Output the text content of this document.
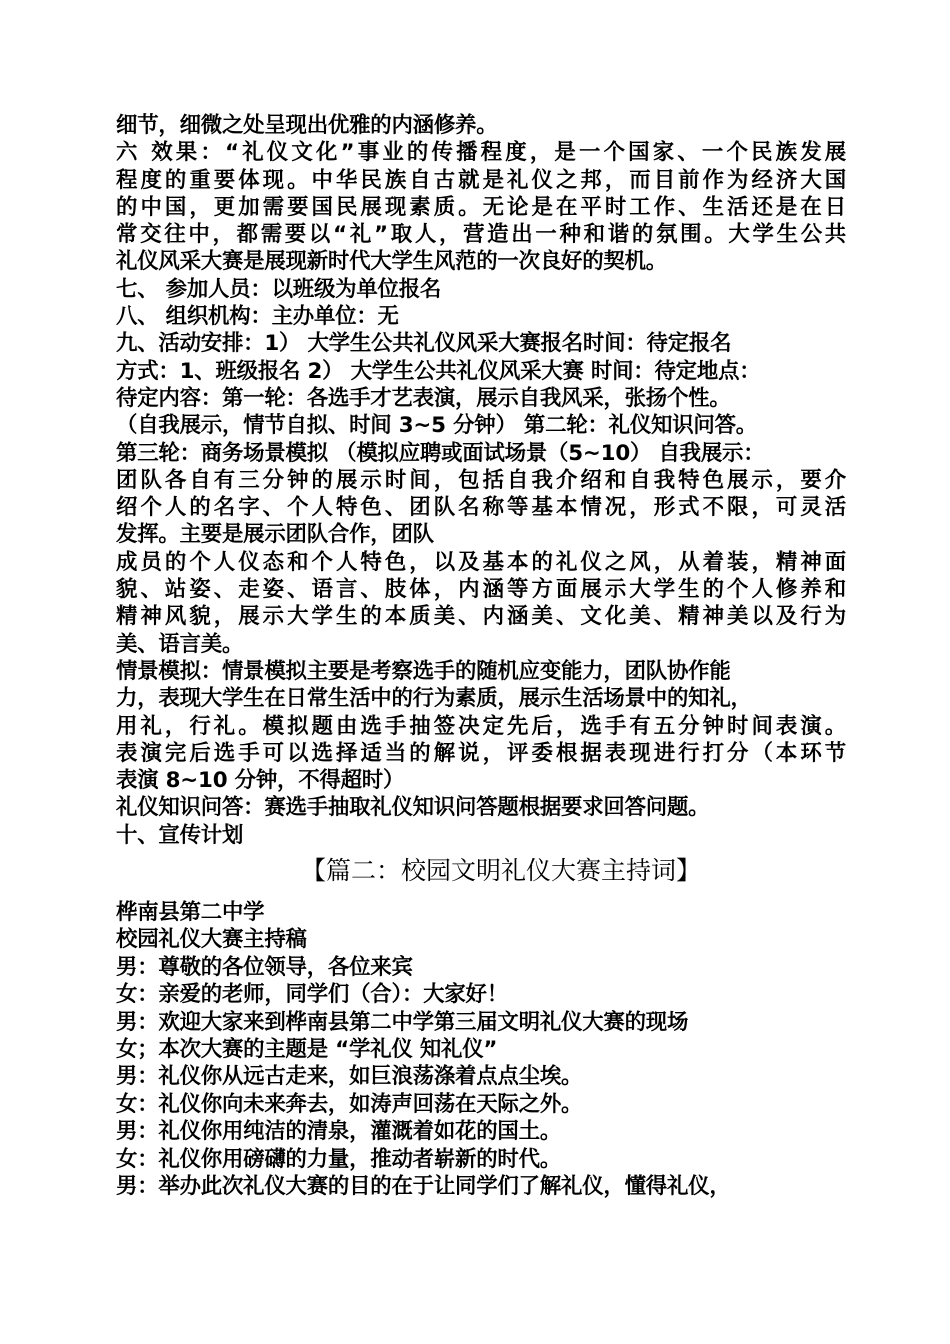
细节，细微之处呈现出优雅的内涵修养。
六 效果：“礼仪文化”事业的传播程度，是一个国家、一个民族发展
程度的重要体现。中华民族自古就是礼仪之邦，而目前作为经济大国
的中国，更加需要国民展现素质。无论是在平时工作、生活还是在日
常交往中，都需要以“礼”取人，营造出一种和谐的氛围。大学生公共
礼仪风采大赛是展现新时代大学生风范的一次良好的契机。
七、 参加人员：以班级为单位报名
八、 组织机构：主办单位：无
九、活动安排：1） 大学生公共礼仪风采大赛报名时间：待定报名
方式：1、班级报名 2） 大学生公共礼仪风采大赛 时间：待定地点：
待定内容：第一轮：各选手才艺表演，展示自我风采，张扬个性。
（自我展示，情节自拟、时间 3~5 分钟） 第二轮：礼仪知识问答。
第三轮：商务场景模拟 （模拟应聘或面试场景（5~10） 自我展示：
团队各自有三分钟的展示时间，包括自我介绍和自我特色展示，要介
绍个人的名字、个人特色、团队名称等基本情况，形式不限，可灵活
发挥。主要是展示团队合作，团队
成员的个人仪态和个人特色，以及基本的礼仪之风，从着装，精神面
貌、站姿、走姿、语言、肢体，内涵等方面展示大学生的个人修养和
精神风貌，展示大学生的本质美、内涵美、文化美、精神美以及行为
美、语言美。
情景模拟：情景模拟主要是考察选手的随机应变能力，团队协作能
力，表现大学生在日常生活中的行为素质，展示生活场景中的知礼，
用礼，行礼。模拟题由选手抽签决定先后，选手有五分钟时间表演。
表演完后选手可以选择适当的解说，评委根据表现进行打分（本环节
表演 8~10 分钟，不得超时）
礼仪知识问答：赛选手抽取礼仪知识问答题根据要求回答问题。
十、宣传计划
【篇二：校园文明礼仪大赛主持词】
桦南县第二中学
校园礼仪大赛主持稿
男：尊敬的各位领导，各位来宾
女：亲爱的老师，同学们（合）：大家好！
男：欢迎大家来到桦南县第二中学第三届文明礼仪大赛的现场
女；本次大赛的主题是 “学礼仪 知礼仪”
男：礼仪你从远古走来，如巨浪荡涤着点点尘埃。
女：礼仪你向未来奔去，如涛声回荡在天际之外。
男：礼仪你用纯洁的清泉，灌溉着如花的国土。
女：礼仪你用磅礴的力量，推动者崭新的时代。
男：举办此次礼仪大赛的目的在于让同学们了解礼仪，懂得礼仪，
